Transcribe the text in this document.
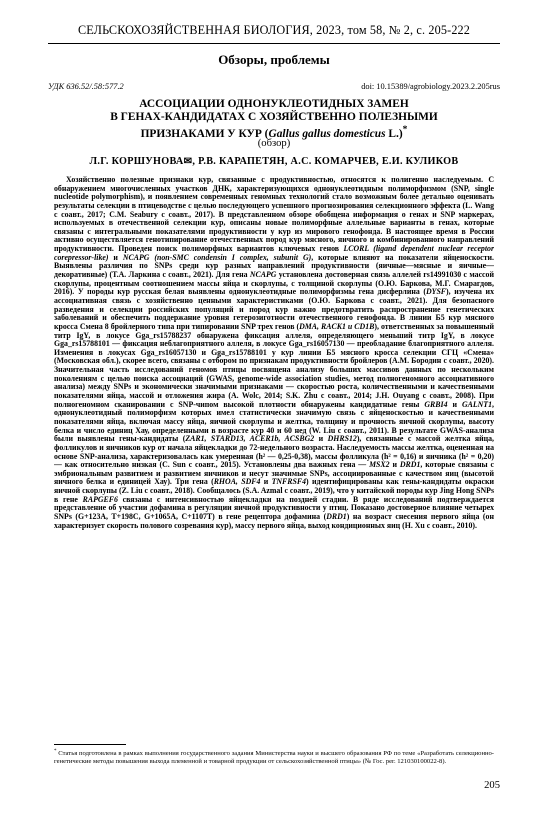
СЕЛЬСКОХОЗЯЙСТВЕННАЯ БИОЛОГИЯ, 2023, том 58, № 2, с. 205-222
Обзоры, проблемы
УДК 636.52/.58:577.2	doi: 10.15389/agrobiology.2023.2.205rus
АССОЦИАЦИИ ОДНОНУКЛЕОТИДНЫХ ЗАМЕН
В ГЕНАХ-КАНДИДАТАХ С ХОЗЯЙСТВЕННО ПОЛЕЗНЫМИ
ПРИЗНАКАМИ У КУР (Gallus gallus domesticus L.)*
(обзор)
Л.Г. КОРШУНОВА✉, Р.В. КАРАПЕТЯН, А.С. КОМАРЧЕВ, Е.И. КУЛИКОВ

Хозяйственно полезные признаки кур, связанные с продуктивностью, относятся к полигенно наследуемым. С обнаружением многочисленных участков ДНК, характеризующихся однонуклеотидным полиморфизмом (SNP, single nucleotide polymorphism), и появлением современных геномных технологий стало возможным более детально оценивать результаты селекции в птицеводстве с целью последующего успешного прогнозирования селекционного эффекта (L. Wang с соавт., 2017; C.M. Seabury с соавт., 2017). В представленном обзоре обобщена информация о генах и SNP маркерах, используемых в отечественной селекции кур, описаны новые полиморфные аллельные варианты в генах, которые связаны с интегральными показателями продуктивности у кур из мирового генофонда. В настоящее время в России активно осуществляется генотипирование отечественных пород кур мясного, яичного и комбинированного направлений продуктивности. Проведен поиск полиморфных вариантов ключевых генов LCORL (ligand dependent nuclear receptor corepressor-like) и NCAPG (non-SMC condensin I complex, subunit G), которые влияют на показатели яйценоскости. Выявлены различия по SNPs среди кур разных направлений продуктивности (яичные—мясные и яичные—декоративные) (Т.А. Ларкина с соавт., 2021). Для гена NCAPG установлена достоверная связь аллелей rs14991030 с массой скорлупы, процентным соотношением массы яйца и скорлупы, с толщиной скорлупы (О.Ю. Баркова, М.Г. Смарагдов, 2016). У породы кур русская белая выявлены однонуклеотидные полиморфизмы гена дисферлина (DYSF), изучена их ассоциативная связь с хозяйственно ценными характеристиками (О.Ю. Баркова с соавт., 2021). Для безопасного разведения и селекции российских популяций и пород кур важно предотвратить распространение генетических заболеваний и обеспечить поддержание уровня гетерозиготности отечественного генофонда. В линии Б5 кур мясного кросса Смена 8 бройлерного типа при типировании SNP трех генов (DMA, RACK1 и CD1B), ответственных за повышенный титр IgY, в локусе Gga_rs15788237 обнаружена фиксация аллеля, определяющего меньший титр IgY, в локусе Gga_rs15788101 — фиксация неблагоприятного аллеля, в локусе Gga_rs16057130 — преобладание благоприятного аллеля. Изменения в локусах Gga_rs16057130 и Gga_rs15788101 у кур линии Б5 мясного кросса селекции СГЦ «Смена» (Московская обл.), скорее всего, связаны с отбором по признакам продуктивности бройлеров (А.М. Бородин с соавт., 2020). Значительная часть исследований геномов птицы посвящена анализу больших массивов данных по нескольким поколениям с целью поиска ассоциаций (GWAS, genome-wide association studies, метод полногеномного ассоциативного анализа) между SNPs и экономически значимыми признаками — скоростью роста, количественными и качественными показателями яйца, массой и отложения жира (A. Wolc, 2014; S.K. Zhu с соавт., 2014; J.H. Ouyang с соавт., 2008). При полногеномном сканировании с SNP-чипом высокой плотности обнаружены кандидатные гены GRBI4 и GALNT1, однонуклеотидный полиморфизм которых имел статистически значимую связь с яйценоскостью и качественными показателями яйца, включая массу яйца, яичной скорлупы и желтка, толщину и прочность яичной скорлупы, высоту белка и число единиц Хау, определенными в возрасте кур 40 и 60 нед (W. Liu с соавт., 2011). В результате GWAS-анализа были выявлены гены-кандидаты (ZAR1, STARD13, ACER1b, ACSBG2 и DHRS12), связанные с массой желтка яйца, фолликулов и яичников кур от начала яйцекладки до 72-недельного возраста. Наследуемость массы желтка, оцененная на основе SNP-анализа, характеризовалась как умеренная (h² — 0,25-0,38), массы фолликула (h² = 0,16) и яичника (h² = 0,20) — как относительно низкая (C. Sun с соавт., 2015). Установлены два важных гена — MSX2 и DRD1, которые связаны с эмбриональным развитием и развитием яичников и несут значимые SNPs, ассоциированные с качеством яиц (высотой яичного белка и единицей Хау). Три гена (RHOA, SDF4 и TNFRSF4) идентифицированы как гены-кандидаты окраски яичной скорлупы (Z. Liu с соавт., 2018). Сообщалось (S.A. Azmal с соавт., 2019), что у китайской породы кур Jing Hong SNPs в гене RAPGEF6 связаны с интенсивностью яйцекладки на поздней стадии. В ряде исследований подтверждается представление об участии дофамина в регуляции яичной продуктивности у птиц. Показано достоверное влияние четырех SNPs (G+123A, T+198C, G+1065A, C+1107T) в гене рецептора дофамина (DRD1) на возраст снесения первого яйца (он характеризует скорость полового созревания кур), массу первого яйца, выход кондиционных яиц (H. Xu с соавт., 2010).

* Статья подготовлена в рамках выполнения государственного задания Министерства науки и высшего образования РФ по теме «Разработать селекционно-генетические методы повышения выхода племенной и товарной продукции от сельскохозяйственной птицы» (№ Гос. рег. 121030100022-8).

205
